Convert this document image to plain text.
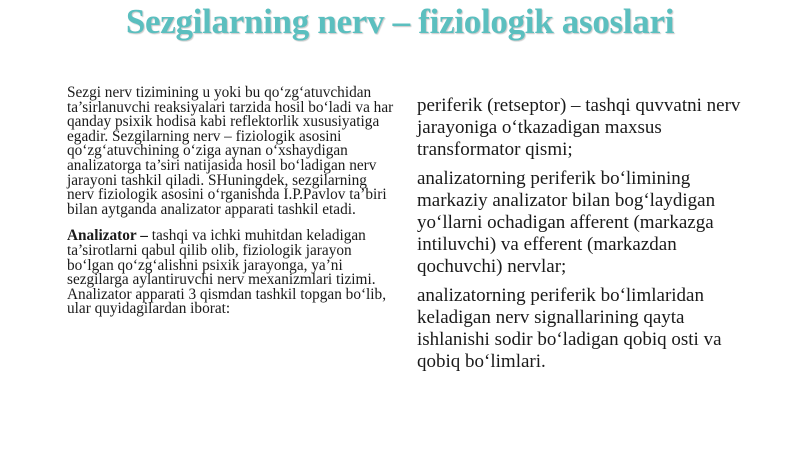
Sezgilarning nerv – fiziologik asoslari

Sezgi nerv tizimining u yoki bu qo‘zg‘atuvchidan ta’sirlanuvchi reaksiyalari tarzida hosil bo‘ladi va har qanday psixik hodisa kabi reflektorlik xususiyatiga egadir. Sezgilarning nerv – fiziologik asosini qo‘zg‘atuvchining o‘ziga aynan o‘xshaydigan analizatorga ta’siri natijasida hosil bo‘ladigan nerv jarayoni tashkil qiladi. SHuningdek, sezgilarning nerv fiziologik asosini o‘rganishda I.P.Pavlov ta’biri bilan aytganda analizator apparati tashkil etadi.

Analizator – tashqi va ichki muhitdan keladigan ta’sirotlarni qabul qilib olib, fiziologik jarayon bo‘lgan qo‘zg‘alishni psixik jarayonga, ya’ni sezgilarga aylantiruvchi nerv mexanizmlari tizimi. Analizator apparati 3 qismdan tashkil topgan bo‘lib, ular quyidagilardan iborat:

periferik (retseptor) – tashqi quvvatni nerv jarayoniga o‘tkazadigan maxsus transformator qismi;

analizatorning periferik bo‘limining markaziy analizator bilan bog‘laydigan yo‘llarni ochadigan afferent (markazga intiluvchi) va efferent (markazdan qochuvchi) nervlar;

analizatorning periferik bo‘limlaridan keladigan nerv signallarining qayta ishlanishi sodir bo‘ladigan qobiq osti va qobiq bo‘limlari.
